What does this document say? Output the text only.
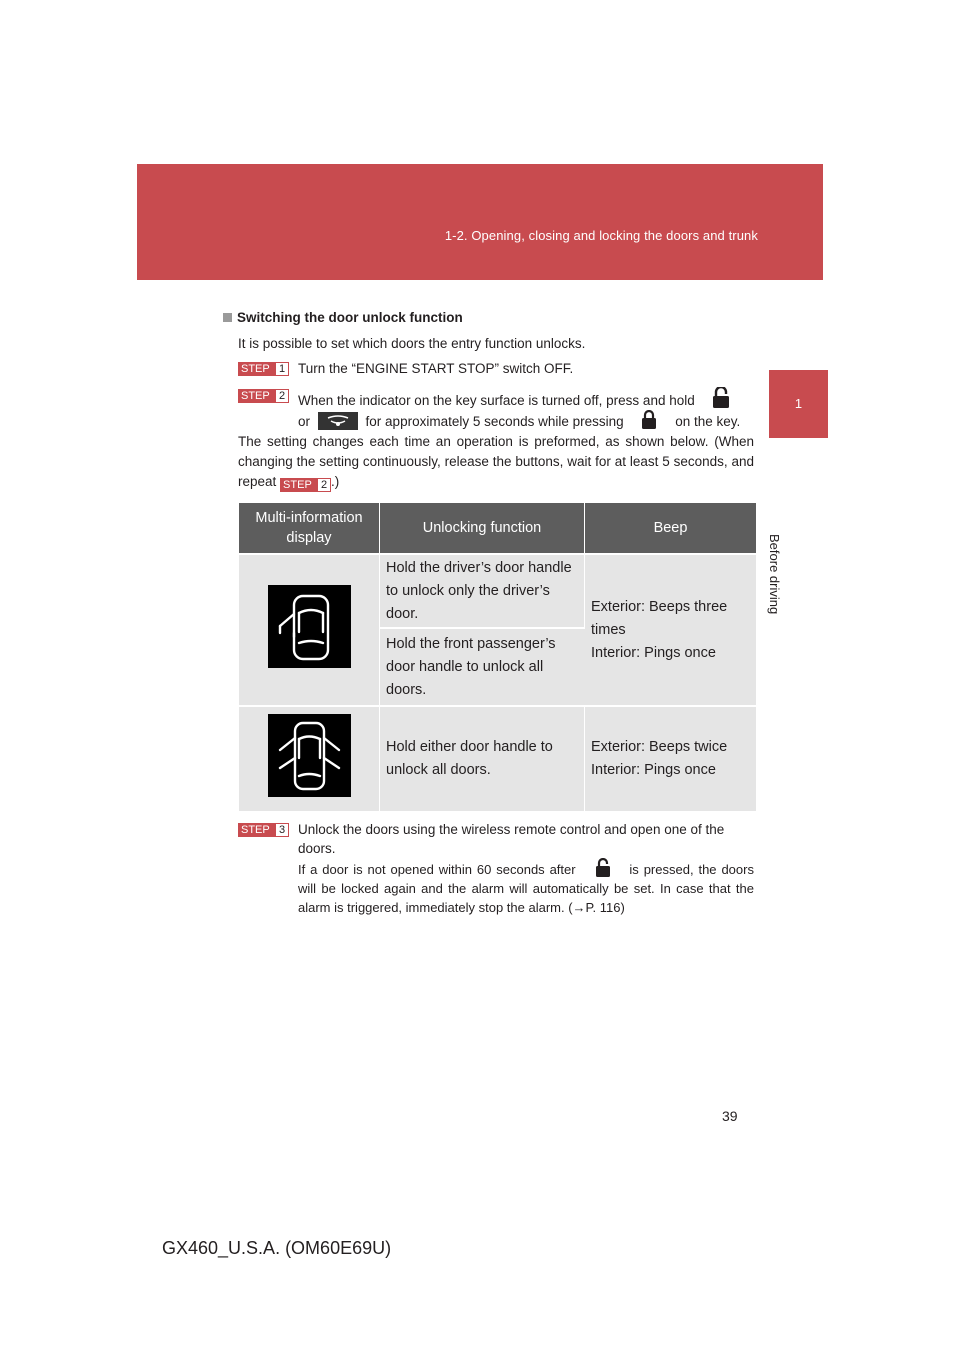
1-2. Opening, closing and locking the doors and trunk
1
Before driving
Switching the door unlock function
It is possible to set which doors the entry function unlocks.
STEP 1 Turn the “ENGINE START STOP” switch OFF.
STEP 2 When the indicator on the key surface is turned off, press and hold
or	for approximately 5 seconds while pressing	on the key.
The setting changes each time an operation is preformed, as shown below. (When changing the setting continuously, release the buttons, wait for at least 5 seconds, and repeat STEP 2 .)
Multi-information display	Unlocking function	Beep
	Hold the driver’s door handle to unlock only the driver’s door.	Exterior: Beeps three times
Interior: Pings once

	Hold the front passenger’s door handle to unlock all doors.	
	Hold either door handle to unlock all doors.	Exterior: Beeps twice
Interior: Pings once
STEP 3 Unlock the doors using the wireless remote control and open one of the doors.
If a door is not opened within 60 seconds after	is pressed, the doors will be locked again and the alarm will automatically be set. In case that the alarm is triggered, immediately stop the alarm. (→P. 116)
39
GX460_U.S.A. (OM60E69U)
